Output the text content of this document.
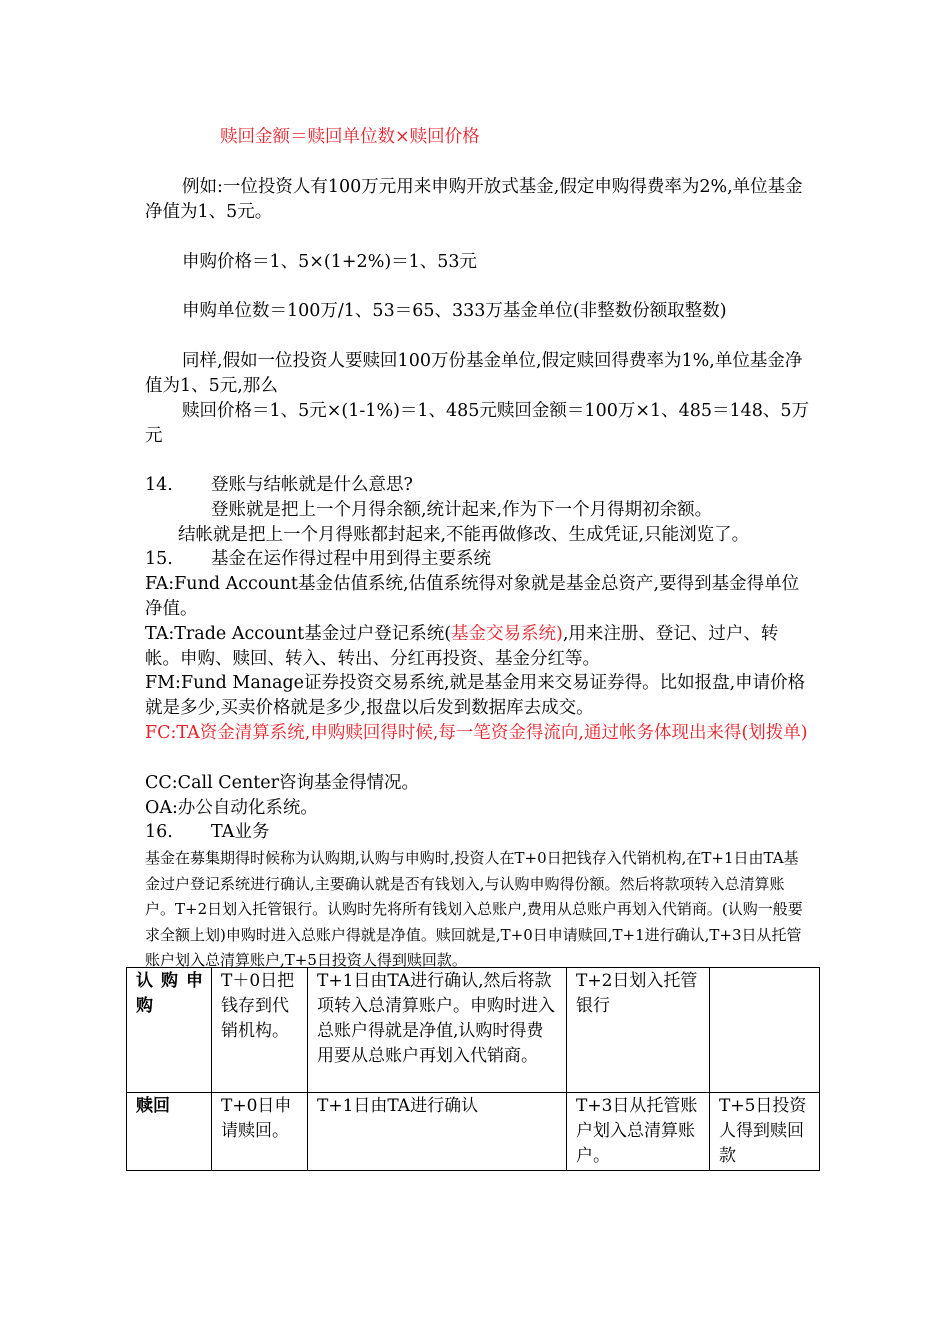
赎回金额＝赎回单位数×赎回价格

例如:一位投资人有100万元用来申购开放式基金,假定申购得费率为2%,单位基金净值为1、5元。

申购价格＝1、5×(1+2%)＝1、53元

申购单位数＝100万/1、53＝65、333万基金单位(非整数份额取整数)

同样,假如一位投资人要赎回100万份基金单位,假定赎回得费率为1%,单位基金净值为1、5元,那么

赎回价格＝1、5元×(1-1%)＝1、485元赎回金额＝100万×1、485＝148、5万元

14. 登账与结帐就是什么意思?

登账就是把上一个月得余额,统计起来,作为下一个月得期初余额。

结帐就是把上一个月得账都封起来,不能再做修改、生成凭证,只能浏览了。

15. 基金在运作得过程中用到得主要系统

FA:Fund Account基金估值系统,估值系统得对象就是基金总资产,要得到基金得单位净值。

TA:Trade Account基金过户登记系统(基金交易系统),用来注册、登记、过户、转帐。申购、赎回、转入、转出、分红再投资、基金分红等。

FM:Fund Manage证券投资交易系统,就是基金用来交易证券得。比如报盘,申请价格就是多少,买卖价格就是多少,报盘以后发到数据库去成交。

FC:TA资金清算系统,申购赎回得时候,每一笔资金得流向,通过帐务体现出来得(划拨单)

CC:Call Center咨询基金得情况。

OA:办公自动化系统。

16. TA业务

基金在募集期得时候称为认购期,认购与申购时,投资人在T+0日把钱存入代销机构,在T+1日由TA基金过户登记系统进行确认,主要确认就是否有钱划入,与认购申购得份额。然后将款项转入总清算账户。T+2日划入托管银行。认购时先将所有钱划入总账户,费用从总账户再划入代销商。(认购一般要求全额上划)申购时进入总账户得就是净值。赎回就是,T+0日申请赎回,T+1进行确认,T+3日从托管账户划入总清算账户,T+5日投资人得到赎回款。

认购申购	T＋0日把钱存到代销机构。	T+1日由TA进行确认,然后将款项转入总清算账户。申购时进入总账户得就是净值,认购时得费用要从总账户再划入代销商。	T+2日划入托管银行	
赎回	T+0日申请赎回。	T+1日由TA进行确认	T+3日从托管账户划入总清算账户。	T+5日投资人得到赎回款
